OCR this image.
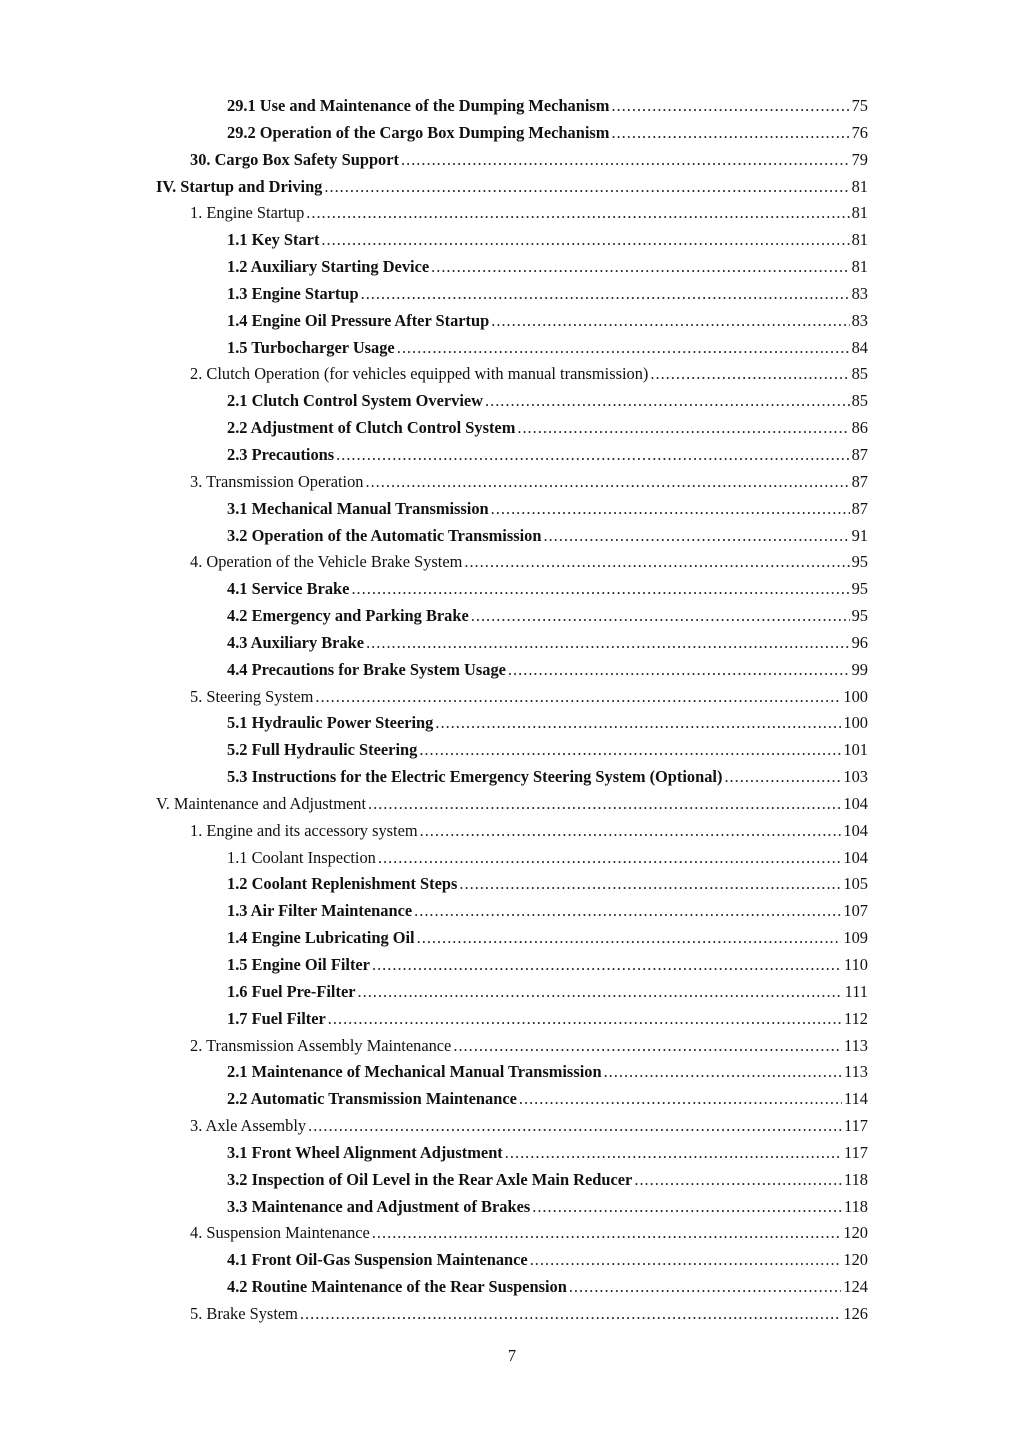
29.1 Use and Maintenance of the Dumping Mechanism .....	75
29.2 Operation of the Cargo Box Dumping Mechanism .....	76
30. Cargo Box Safety Support .....	79
IV. Startup and Driving .....	81
1. Engine Startup .....	81
1.1 Key Start .....	81
1.2 Auxiliary Starting Device .....	81
1.3 Engine Startup .....	83
1.4 Engine Oil Pressure After Startup .....	83
1.5 Turbocharger Usage .....	84
2. Clutch Operation (for vehicles equipped with manual transmission) .....	85
2.1 Clutch Control System Overview .....	85
2.2 Adjustment of Clutch Control System .....	86
2.3 Precautions .....	87
3. Transmission Operation .....	87
3.1 Mechanical Manual Transmission .....	87
3.2 Operation of the Automatic Transmission .....	91
4. Operation of the Vehicle Brake System .....	95
4.1 Service Brake .....	95
4.2 Emergency and Parking Brake .....	95
4.3 Auxiliary Brake .....	96
4.4 Precautions for Brake System Usage .....	99
5. Steering System .....	100
5.1 Hydraulic Power Steering .....	100
5.2 Full Hydraulic Steering .....	101
5.3 Instructions for the Electric Emergency Steering System (Optional) .....	103
V. Maintenance and Adjustment .....	104
1. Engine and its accessory system .....	104
1.1 Coolant Inspection .....	104
1.2 Coolant Replenishment Steps .....	105
1.3 Air Filter Maintenance .....	107
1.4 Engine Lubricating Oil .....	109
1.5 Engine Oil Filter .....	110
1.6 Fuel Pre-Filter .....	111
1.7 Fuel Filter .....	112
2. Transmission Assembly Maintenance .....	113
2.1 Maintenance of Mechanical Manual Transmission .....	113
2.2 Automatic Transmission Maintenance .....	114
3. Axle Assembly .....	117
3.1 Front Wheel Alignment Adjustment .....	117
3.2 Inspection of Oil Level in the Rear Axle Main Reducer .....	118
3.3 Maintenance and Adjustment of Brakes .....	118
4. Suspension Maintenance .....	120
4.1 Front Oil-Gas Suspension Maintenance .....	120
4.2 Routine Maintenance of the Rear Suspension .....	124
5. Brake System .....	126
7
